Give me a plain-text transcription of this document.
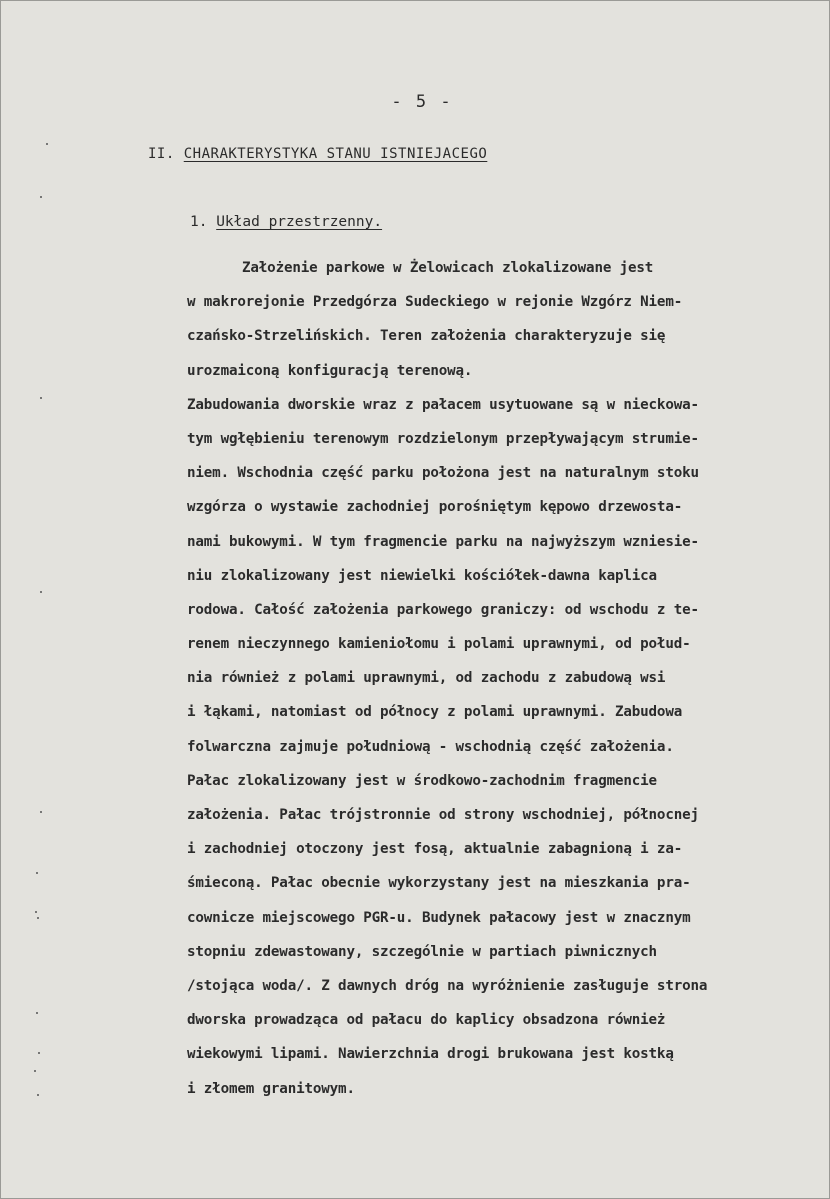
- 5 -
II. CHARAKTERYSTYKA STANU ISTNIEJACEGO
1. Układ przestrzenny.
Założenie parkowe w Żelowicach zlokalizowane jest
w makrorejonie Przedgórza Sudeckiego w rejonie Wzgórz Niem-
czańsko-Strzelińskich. Teren założenia charakteryzuje się
urozmaiconą konfiguracją terenową.
Zabudowania dworskie wraz z pałacem usytuowane są w nieckowa-
tym wgłębieniu terenowym rozdzielonym przepływającym strumie-
niem. Wschodnia część parku położona jest na naturalnym stoku
wzgórza o wystawie zachodniej porośniętym kępowo drzewosta-
nami bukowymi. W tym fragmencie parku na najwyższym wzniesie-
niu zlokalizowany jest niewielki kościółek-dawna kaplica
rodowa. Całość założenia parkowego graniczy: od wschodu z te-
renem nieczynnego kamieniołomu i polami uprawnymi, od połud-
nia również z polami uprawnymi, od zachodu z zabudową wsi
i łąkami, natomiast od północy z polami uprawnymi. Zabudowa
folwarczna zajmuje południową - wschodnią część założenia.
Pałac zlokalizowany jest w środkowo-zachodnim fragmencie
założenia. Pałac trójstronnie od strony wschodniej, północnej
i zachodniej otoczony jest fosą, aktualnie zabagnioną i za-
śmieconą. Pałac obecnie wykorzystany jest na mieszkania pra-
cownicze miejscowego PGR-u. Budynek pałacowy jest w znacznym
stopniu zdewastowany, szczególnie w partiach piwnicznych
/stojąca woda/. Z dawnych dróg na wyróżnienie zasługuje strona
dworska prowadząca od pałacu do kaplicy obsadzona również
wiekowymi lipami. Nawierzchnia drogi brukowana jest kostką
i złomem granitowym.
